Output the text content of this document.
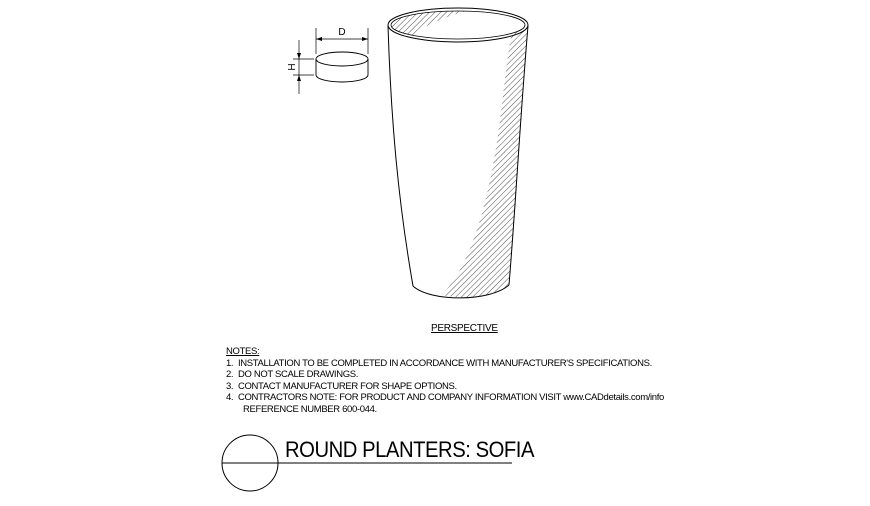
D
H
PERSPECTIVE
NOTES:
1. INSTALLATION TO BE COMPLETED IN ACCORDANCE WITH MANUFACTURER'S SPECIFICATIONS.
2. DO NOT SCALE DRAWINGS.
3. CONTACT MANUFACTURER FOR SHAPE OPTIONS.
4. CONTRACTORS NOTE: FOR PRODUCT AND COMPANY INFORMATION VISIT www.CADdetails.com/info
REFERENCE NUMBER 600-044.
ROUND PLANTERS: SOFIA
